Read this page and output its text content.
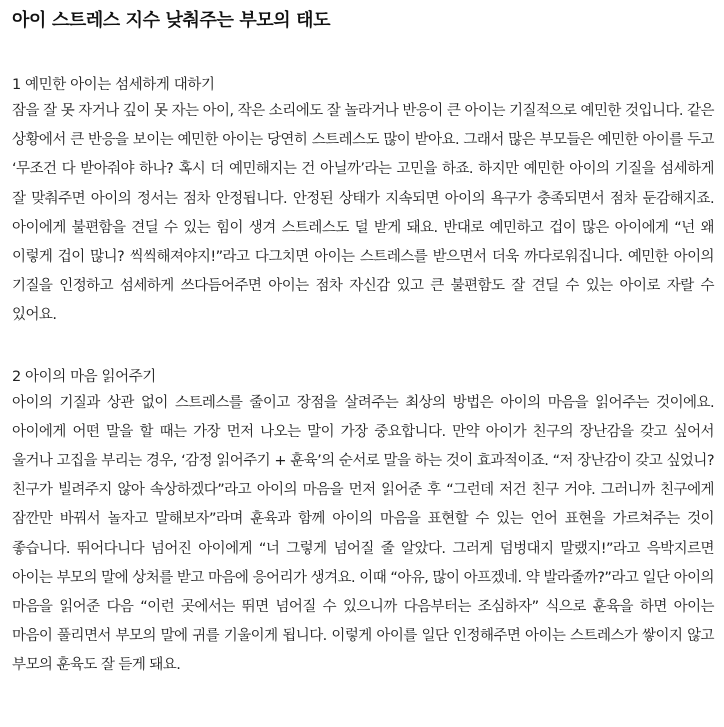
아이 스트레스 지수 낮춰주는 부모의 태도
1 예민한 아이는 섬세하게 대하기

잠을 잘 못 자거나 깊이 못 자는 아이, 작은 소리에도 잘 놀라거나 반응이 큰 아이는 기질적으로 예민한 것입니다. 같은 상황에서 큰 반응을 보이는 예민한 아이는 당연히 스트레스도 많이 받아요. 그래서 많은 부모들은 예민한 아이를 두고 ‘무조건 다 받아줘야 하나? 혹시 더 예민해지는 건 아닐까’라는 고민을 하죠. 하지만 예민한 아이의 기질을 섬세하게 잘 맞춰주면 아이의 정서는 점차 안정됩니다. 안정된 상태가 지속되면 아이의 욕구가 충족되면서 점차 둔감해지죠. 아이에게 불편함을 견딜 수 있는 힘이 생겨 스트레스도 덜 받게 돼요. 반대로 예민하고 겁이 많은 아이에게 “넌 왜 이렇게 겁이 많니? 씩씩해져야지!”라고 다그치면 아이는 스트레스를 받으면서 더욱 까다로워집니다. 예민한 아이의 기질을 인정하고 섬세하게 쓰다듬어주면 아이는 점차 자신감 있고 큰 불편함도 잘 견딜 수 있는 아이로 자랄 수 있어요.

2 아이의 마음 읽어주기

아이의 기질과 상관 없이 스트레스를 줄이고 장점을 살려주는 최상의 방법은 아이의 마음을 읽어주는 것이에요. 아이에게 어떤 말을 할 때는 가장 먼저 나오는 말이 가장 중요합니다. 만약 아이가 친구의 장난감을 갖고 싶어서 울거나 고집을 부리는 경우, ‘감정 읽어주기 + 훈육’의 순서로 말을 하는 것이 효과적이죠. “저 장난감이 갖고 싶었니? 친구가 빌려주지 않아 속상하겠다”라고 아이의 마음을 먼저 읽어준 후 “그런데 저건 친구 거야. 그러니까 친구에게 잠깐만 바꿔서 놀자고 말해보자”라며 훈육과 함께 아이의 마음을 표현할 수 있는 언어 표현을 가르쳐주는 것이 좋습니다. 뛰어다니다 넘어진 아이에게 “너 그렇게 넘어질 줄 알았다. 그러게 덤벙대지 말랬지!”라고 윽박지르면 아이는 부모의 말에 상처를 받고 마음에 응어리가 생겨요. 이때 “아유, 많이 아프겠네. 약 발라줄까?”라고 일단 아이의 마음을 읽어준 다음 “이런 곳에서는 뛰면 넘어질 수 있으니까 다음부터는 조심하자” 식으로 훈육을 하면 아이는 마음이 풀리면서 부모의 말에 귀를 기울이게 됩니다. 이렇게 아이를 일단 인정해주면 아이는 스트레스가 쌓이지 않고 부모의 훈육도 잘 듣게 돼요.
